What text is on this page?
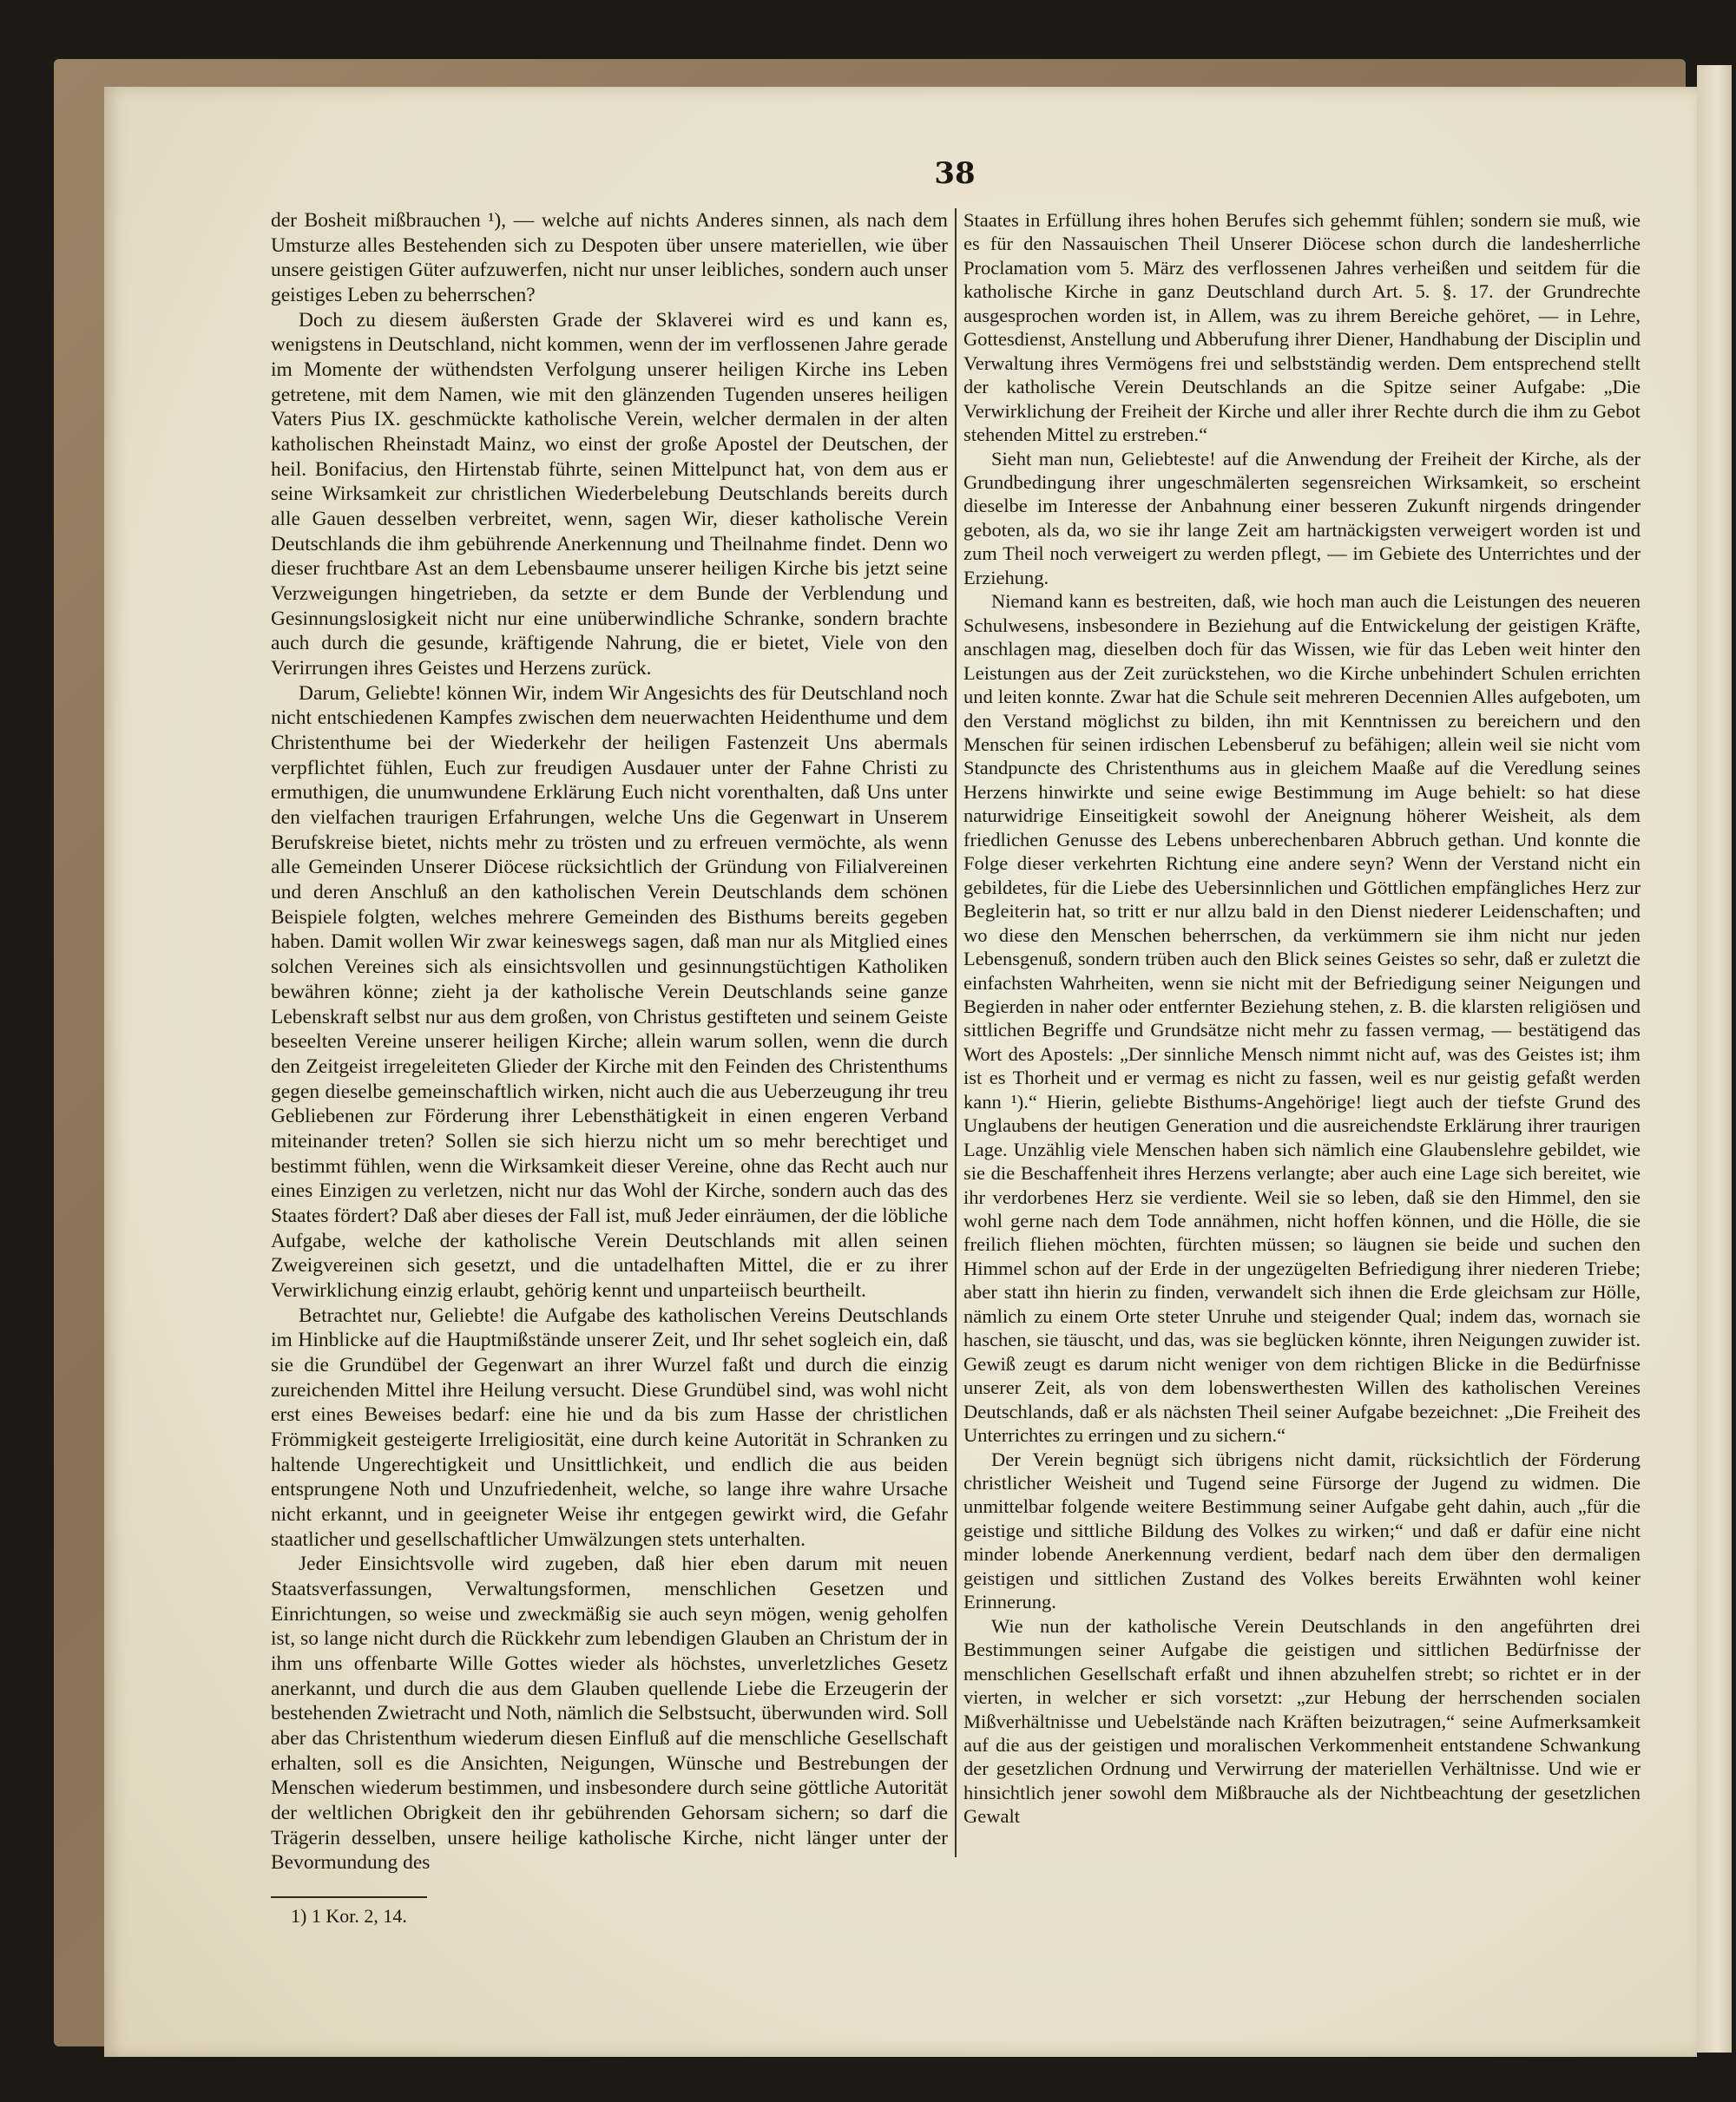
38

der Bosheit mißbrauchen ¹), — welche auf nichts Anderes sinnen, als nach dem Umsturze alles Bestehenden sich zu Despoten über unsere materiellen, wie über unsere geistigen Güter aufzuwerfen, nicht nur unser leibliches, sondern auch unser geistiges Leben zu beherrschen?

Doch zu diesem äußersten Grade der Sklaverei wird es und kann es, wenigstens in Deutschland, nicht kommen, wenn der im verflossenen Jahre gerade im Momente der wüthendsten Verfolgung unserer heiligen Kirche ins Leben getretene, mit dem Namen, wie mit den glänzenden Tugenden unseres heiligen Vaters Pius IX. geschmückte katholische Verein, welcher dermalen in der alten katholischen Rheinstadt Mainz, wo einst der große Apostel der Deutschen, der heil. Bonifacius, den Hirtenstab führte, seinen Mittelpunct hat, von dem aus er seine Wirksamkeit zur christlichen Wiederbelebung Deutschlands bereits durch alle Gauen desselben verbreitet, wenn, sagen Wir, dieser katholische Verein Deutschlands die ihm gebührende Anerkennung und Theilnahme findet. Denn wo dieser fruchtbare Ast an dem Lebensbaume unserer heiligen Kirche bis jetzt seine Verzweigungen hingetrieben, da setzte er dem Bunde der Verblendung und Gesinnungslosigkeit nicht nur eine unüberwindliche Schranke, sondern brachte auch durch die gesunde, kräftigende Nahrung, die er bietet, Viele von den Verirrungen ihres Geistes und Herzens zurück.

Darum, Geliebte! können Wir, indem Wir Angesichts des für Deutschland noch nicht entschiedenen Kampfes zwischen dem neuerwachten Heidenthume und dem Christenthume bei der Wiederkehr der heiligen Fastenzeit Uns abermals verpflichtet fühlen, Euch zur freudigen Ausdauer unter der Fahne Christi zu ermuthigen, die unumwundene Erklärung Euch nicht vorenthalten, daß Uns unter den vielfachen traurigen Erfahrungen, welche Uns die Gegenwart in Unserem Berufskreise bietet, nichts mehr zu trösten und zu erfreuen vermöchte, als wenn alle Gemeinden Unserer Diöcese rücksichtlich der Gründung von Filialvereinen und deren Anschluß an den katholischen Verein Deutschlands dem schönen Beispiele folgten, welches mehrere Gemeinden des Bisthums bereits gegeben haben. Damit wollen Wir zwar keineswegs sagen, daß man nur als Mitglied eines solchen Vereines sich als einsichtsvollen und gesinnungstüchtigen Katholiken bewähren könne; zieht ja der katholische Verein Deutschlands seine ganze Lebenskraft selbst nur aus dem großen, von Christus gestifteten und seinem Geiste beseelten Vereine unserer heiligen Kirche; allein warum sollen, wenn die durch den Zeitgeist irregeleiteten Glieder der Kirche mit den Feinden des Christenthums gegen dieselbe gemeinschaftlich wirken, nicht auch die aus Ueberzeugung ihr treu Gebliebenen zur Förderung ihrer Lebensthätigkeit in einen engeren Verband miteinander treten? Sollen sie sich hierzu nicht um so mehr berechtiget und bestimmt fühlen, wenn die Wirksamkeit dieser Vereine, ohne das Recht auch nur eines Einzigen zu verletzen, nicht nur das Wohl der Kirche, sondern auch das des Staates fördert? Daß aber dieses der Fall ist, muß Jeder einräumen, der die löbliche Aufgabe, welche der katholische Verein Deutschlands mit allen seinen Zweigvereinen sich gesetzt, und die untadelhaften Mittel, die er zu ihrer Verwirklichung einzig erlaubt, gehörig kennt und unparteiisch beurtheilt.

Betrachtet nur, Geliebte! die Aufgabe des katholischen Vereins Deutschlands im Hinblicke auf die Hauptmißstände unserer Zeit, und Ihr sehet sogleich ein, daß sie die Grundübel der Gegenwart an ihrer Wurzel faßt und durch die einzig zureichenden Mittel ihre Heilung versucht. Diese Grundübel sind, was wohl nicht erst eines Beweises bedarf: eine hie und da bis zum Hasse der christlichen Frömmigkeit gesteigerte Irreligiosität, eine durch keine Autorität in Schranken zu haltende Ungerechtigkeit und Unsittlichkeit, und endlich die aus beiden entsprungene Noth und Unzufriedenheit, welche, so lange ihre wahre Ursache nicht erkannt, und in geeigneter Weise ihr entgegen gewirkt wird, die Gefahr staatlicher und gesellschaftlicher Umwälzungen stets unterhalten.

Jeder Einsichtsvolle wird zugeben, daß hier eben darum mit neuen Staatsverfassungen, Verwaltungsformen, menschlichen Gesetzen und Einrichtungen, so weise und zweckmäßig sie auch seyn mögen, wenig geholfen ist, so lange nicht durch die Rückkehr zum lebendigen Glauben an Christum der in ihm uns offenbarte Wille Gottes wieder als höchstes, unverletzliches Gesetz anerkannt, und durch die aus dem Glauben quellende Liebe die Erzeugerin der bestehenden Zwietracht und Noth, nämlich die Selbstsucht, überwunden wird. Soll aber das Christenthum wiederum diesen Einfluß auf die menschliche Gesellschaft erhalten, soll es die Ansichten, Neigungen, Wünsche und Bestrebungen der Menschen wiederum bestimmen, und insbesondere durch seine göttliche Autorität der weltlichen Obrigkeit den ihr gebührenden Gehorsam sichern; so darf die Trägerin desselben, unsere heilige katholische Kirche, nicht länger unter der Bevormundung des

Staates in Erfüllung ihres hohen Berufes sich gehemmt fühlen; sondern sie muß, wie es für den Nassauischen Theil Unserer Diöcese schon durch die landesherrliche Proclamation vom 5. März des verflossenen Jahres verheißen und seitdem für die katholische Kirche in ganz Deutschland durch Art. 5. §. 17. der Grundrechte ausgesprochen worden ist, in Allem, was zu ihrem Bereiche gehöret, — in Lehre, Gottesdienst, Anstellung und Abberufung ihrer Diener, Handhabung der Disciplin und Verwaltung ihres Vermögens frei und selbstständig werden. Dem entsprechend stellt der katholische Verein Deutschlands an die Spitze seiner Aufgabe: „Die Verwirklichung der Freiheit der Kirche und aller ihrer Rechte durch die ihm zu Gebot stehenden Mittel zu erstreben.“

Sieht man nun, Geliebteste! auf die Anwendung der Freiheit der Kirche, als der Grundbedingung ihrer ungeschmälerten segensreichen Wirksamkeit, so erscheint dieselbe im Interesse der Anbahnung einer besseren Zukunft nirgends dringender geboten, als da, wo sie ihr lange Zeit am hartnäckigsten verweigert worden ist und zum Theil noch verweigert zu werden pflegt, — im Gebiete des Unterrichtes und der Erziehung.

Niemand kann es bestreiten, daß, wie hoch man auch die Leistungen des neueren Schulwesens, insbesondere in Beziehung auf die Entwickelung der geistigen Kräfte, anschlagen mag, dieselben doch für das Wissen, wie für das Leben weit hinter den Leistungen aus der Zeit zurückstehen, wo die Kirche unbehindert Schulen errichten und leiten konnte. Zwar hat die Schule seit mehreren Decennien Alles aufgeboten, um den Verstand möglichst zu bilden, ihn mit Kenntnissen zu bereichern und den Menschen für seinen irdischen Lebensberuf zu befähigen; allein weil sie nicht vom Standpuncte des Christenthums aus in gleichem Maaße auf die Veredlung seines Herzens hinwirkte und seine ewige Bestimmung im Auge behielt: so hat diese naturwidrige Einseitigkeit sowohl der Aneignung höherer Weisheit, als dem friedlichen Genusse des Lebens unberechenbaren Abbruch gethan. Und konnte die Folge dieser verkehrten Richtung eine andere seyn? Wenn der Verstand nicht ein gebildetes, für die Liebe des Uebersinnlichen und Göttlichen empfängliches Herz zur Begleiterin hat, so tritt er nur allzu bald in den Dienst niederer Leidenschaften; und wo diese den Menschen beherrschen, da verkümmern sie ihm nicht nur jeden Lebensgenuß, sondern trüben auch den Blick seines Geistes so sehr, daß er zuletzt die einfachsten Wahrheiten, wenn sie nicht mit der Befriedigung seiner Neigungen und Begierden in naher oder entfernter Beziehung stehen, z. B. die klarsten religiösen und sittlichen Begriffe und Grundsätze nicht mehr zu fassen vermag, — bestätigend das Wort des Apostels: „Der sinnliche Mensch nimmt nicht auf, was des Geistes ist; ihm ist es Thorheit und er vermag es nicht zu fassen, weil es nur geistig gefaßt werden kann ¹).“ Hierin, geliebte Bisthums-Angehörige! liegt auch der tiefste Grund des Unglaubens der heutigen Generation und die ausreichendste Erklärung ihrer traurigen Lage. Unzählig viele Menschen haben sich nämlich eine Glaubenslehre gebildet, wie sie die Beschaffenheit ihres Herzens verlangte; aber auch eine Lage sich bereitet, wie ihr verdorbenes Herz sie verdiente. Weil sie so leben, daß sie den Himmel, den sie wohl gerne nach dem Tode annähmen, nicht hoffen können, und die Hölle, die sie freilich fliehen möchten, fürchten müssen; so läugnen sie beide und suchen den Himmel schon auf der Erde in der ungezügelten Befriedigung ihrer niederen Triebe; aber statt ihn hierin zu finden, verwandelt sich ihnen die Erde gleichsam zur Hölle, nämlich zu einem Orte steter Unruhe und steigender Qual; indem das, wornach sie haschen, sie täuscht, und das, was sie beglücken könnte, ihren Neigungen zuwider ist. Gewiß zeugt es darum nicht weniger von dem richtigen Blicke in die Bedürfnisse unserer Zeit, als von dem lobenswerthesten Willen des katholischen Vereines Deutschlands, daß er als nächsten Theil seiner Aufgabe bezeichnet: „Die Freiheit des Unterrichtes zu erringen und zu sichern.“

Der Verein begnügt sich übrigens nicht damit, rücksichtlich der Förderung christlicher Weisheit und Tugend seine Fürsorge der Jugend zu widmen. Die unmittelbar folgende weitere Bestimmung seiner Aufgabe geht dahin, auch „für die geistige und sittliche Bildung des Volkes zu wirken;“ und daß er dafür eine nicht minder lobende Anerkennung verdient, bedarf nach dem über den dermaligen geistigen und sittlichen Zustand des Volkes bereits Erwähnten wohl keiner Erinnerung.

Wie nun der katholische Verein Deutschlands in den angeführten drei Bestimmungen seiner Aufgabe die geistigen und sittlichen Bedürfnisse der menschlichen Gesellschaft erfaßt und ihnen abzuhelfen strebt; so richtet er in der vierten, in welcher er sich vorsetzt: „zur Hebung der herrschenden socialen Mißverhältnisse und Uebelstände nach Kräften beizutragen,“ seine Aufmerksamkeit auf die aus der geistigen und moralischen Verkommenheit entstandene Schwankung der gesetzlichen Ordnung und Verwirrung der materiellen Verhältnisse. Und wie er hinsichtlich jener sowohl dem Mißbrauche als der Nichtbeachtung der gesetzlichen Gewalt

1) 1 Kor. 2, 14.
